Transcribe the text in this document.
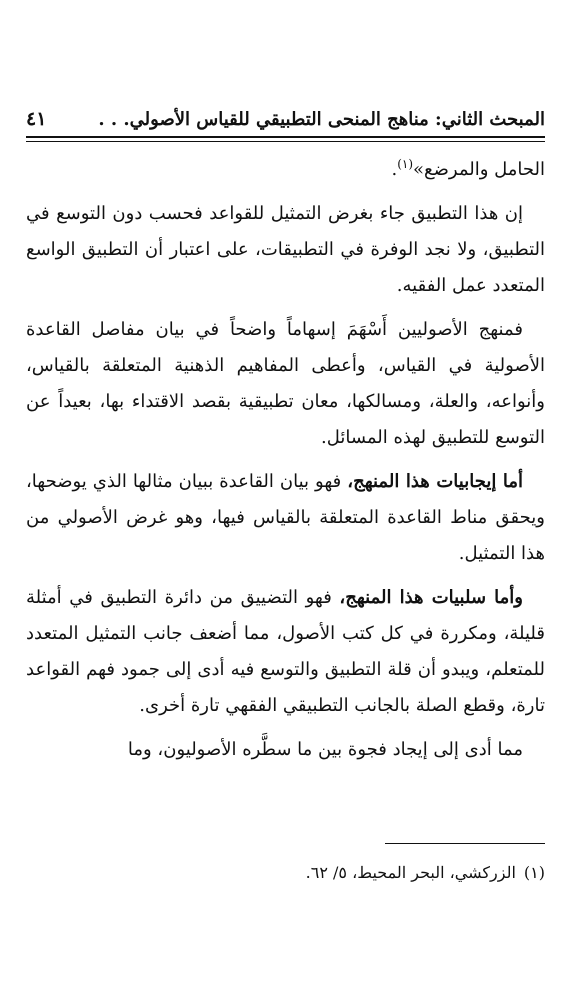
المبحث الثاني: مناهج المنحى التطبيقي للقياس الأصولي. . .
٤١

الحامل والمرضع»$^{(١)}$.

إن هذا التطبيق جاء بغرض التمثيل للقواعد فحسب دون التوسع في التطبيق، ولا نجد الوفرة في التطبيقات، على اعتبار أن التطبيق الواسع المتعدد عمل الفقيه.

فمنهج الأصوليين أَسْهَمَ إسهاماً واضحاً في بيان مفاصل القاعدة الأصولية في القياس، وأعطى المفاهيم الذهنية المتعلقة بالقياس، وأنواعه، والعلة، ومسالكها، معان تطبيقية بقصد الاقتداء بها، بعيداً عن التوسع للتطبيق لهذه المسائل.

أما إيجابيات هذا المنهج، فهو بيان القاعدة ببيان مثالها الذي يوضحها، ويحقق مناط القاعدة المتعلقة بالقياس فيها، وهو غرض الأصولي من هذا التمثيل.

وأما سلبيات هذا المنهج، فهو التضييق من دائرة التطبيق في أمثلة قليلة، ومكررة في كل كتب الأصول، مما أضعف جانب التمثيل المتعدد للمتعلم، ويبدو أن قلة التطبيق والتوسع فيه أدى إلى جمود فهم القواعد تارة، وقطع الصلة بالجانب التطبيقي الفقهي تارة أخرى.

مما أدى إلى إيجاد فجوة بين ما سطَّره الأصوليون، وما

(١)الزركشي، البحر المحيط، ٥/ ٦٢.
